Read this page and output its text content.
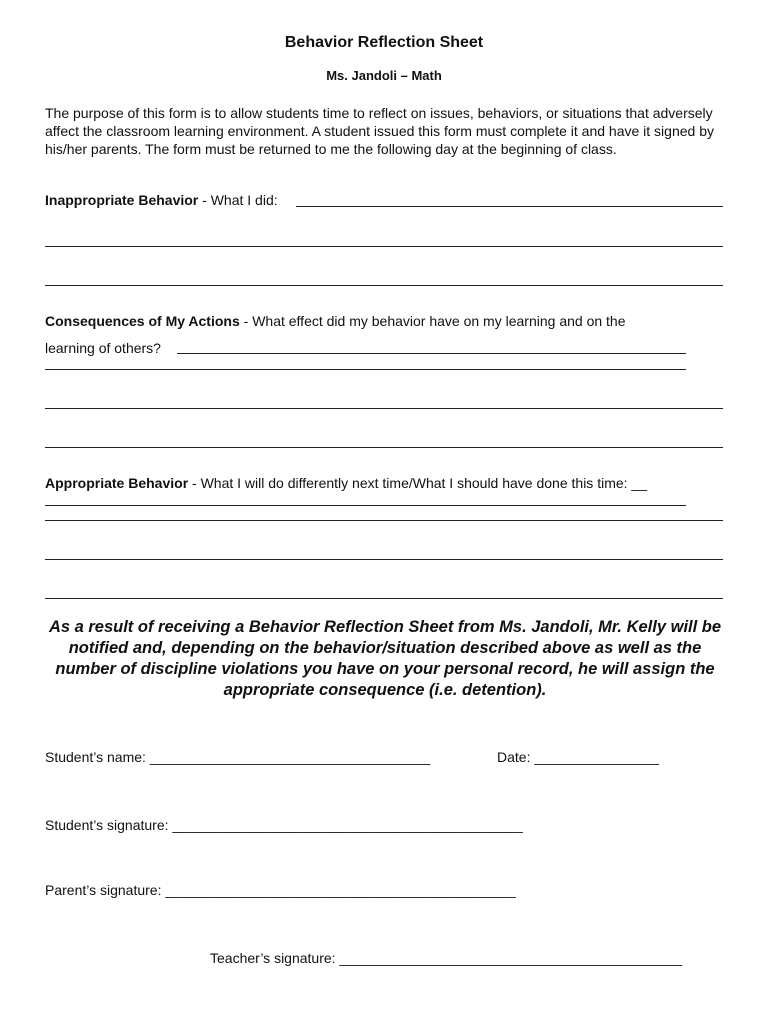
Behavior Reflection Sheet
Ms. Jandoli – Math
The purpose of this form is to allow students time to reflect on issues, behaviors, or situations that adversely affect the classroom learning environment. A student issued this form must complete it and have it signed by his/her parents. The form must be returned to me the following day at the beginning of class.
Inappropriate Behavior - What I did:
Consequences of My Actions - What effect did my behavior have on my learning and on the
learning of others?
Appropriate Behavior - What I will do differently next time/What I should have done this time: __
As a result of receiving a Behavior Reflection Sheet from Ms. Jandoli, Mr. Kelly will be notified and, depending on the behavior/situation described above as well as the number of discipline violations you have on your personal record, he will assign the appropriate consequence (i.e. detention).
Student’s name: ____________________________________	Date: ________________
Student’s signature: _____________________________________________
Parent’s signature: _____________________________________________
Teacher’s signature: ____________________________________________
